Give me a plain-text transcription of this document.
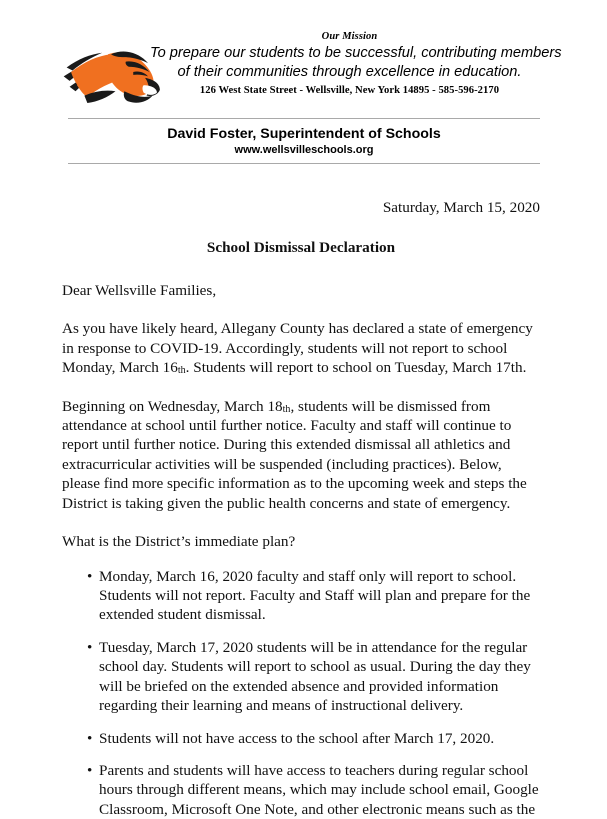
Our Mission
To prepare our students to be successful, contributing members
of their communities through excellence in education.
126 West State Street - Wellsville, New York 14895 - 585-596-2170
David Foster, Superintendent of Schools
www.wellsvilleschools.org
Saturday, March 15, 2020
School Dismissal Declaration

Dear Wellsville Families,

As you have likely heard, Allegany County has declared a state of emergency in response to COVID-19. Accordingly, students will not report to school Monday, March $16_{th}$. Students will report to school on Tuesday, March 17th.

Beginning on Wednesday, March $18_{th}$, students will be dismissed from attendance at school until further notice. Faculty and staff will continue to report until further notice. During this extended dismissal all athletics and extracurricular activities will be suspended (including practices). Below, please find more specific information as to the upcoming week and steps the District is taking given the public health concerns and state of emergency.

What is the District’s immediate plan?

• Monday, March 16, 2020 faculty and staff only will report to school. Students will not report. Faculty and Staff will plan and prepare for the extended student dismissal.
• Tuesday, March 17, 2020 students will be in attendance for the regular school day. Students will report to school as usual. During the day they will be briefed on the extended absence and provided information regarding their learning and means of instructional delivery.
• Students will not have access to the school after March 17, 2020.
• Parents and students will have access to teachers during regular school hours through different means, which may include school email, Google Classroom, Microsoft One Note, and other electronic means such as the
